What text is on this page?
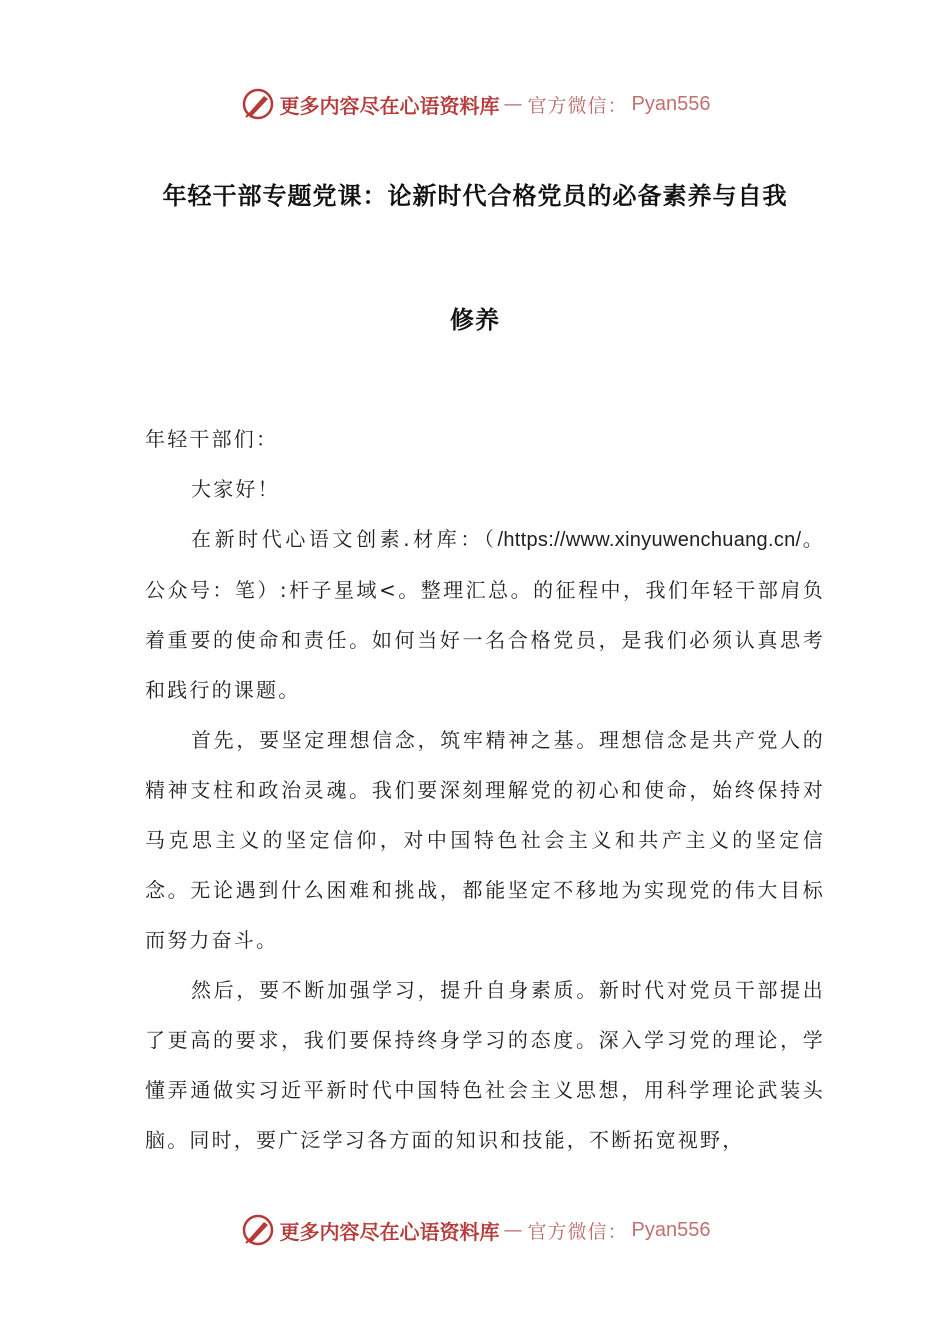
更多内容尽在心语资料库 — 官方微信： Pyan556
年轻干部专题党课：论新时代合格党员的必备素养与自我
修养

年轻干部们：

大家好！

在新时代心语文创素.材库：（/https://www.xinyuwenchuang.cn/。公众号：笔）:杆子星域<。整理汇总。的征程中，我们年轻干部肩负着重要的使命和责任。如何当好一名合格党员，是我们必须认真思考和践行的课题。

首先，要坚定理想信念，筑牢精神之基。理想信念是共产党人的精神支柱和政治灵魂。我们要深刻理解党的初心和使命，始终保持对马克思主义的坚定信仰，对中国特色社会主义和共产主义的坚定信念。无论遇到什么困难和挑战，都能坚定不移地为实现党的伟大目标而努力奋斗。

然后，要不断加强学习，提升自身素质。新时代对党员干部提出了更高的要求，我们要保持终身学习的态度。深入学习党的理论，学懂弄通做实习近平新时代中国特色社会主义思想，用科学理论武装头脑。同时，要广泛学习各方面的知识和技能，不断拓宽视野，

更多内容尽在心语资料库 — 官方微信： Pyan556
